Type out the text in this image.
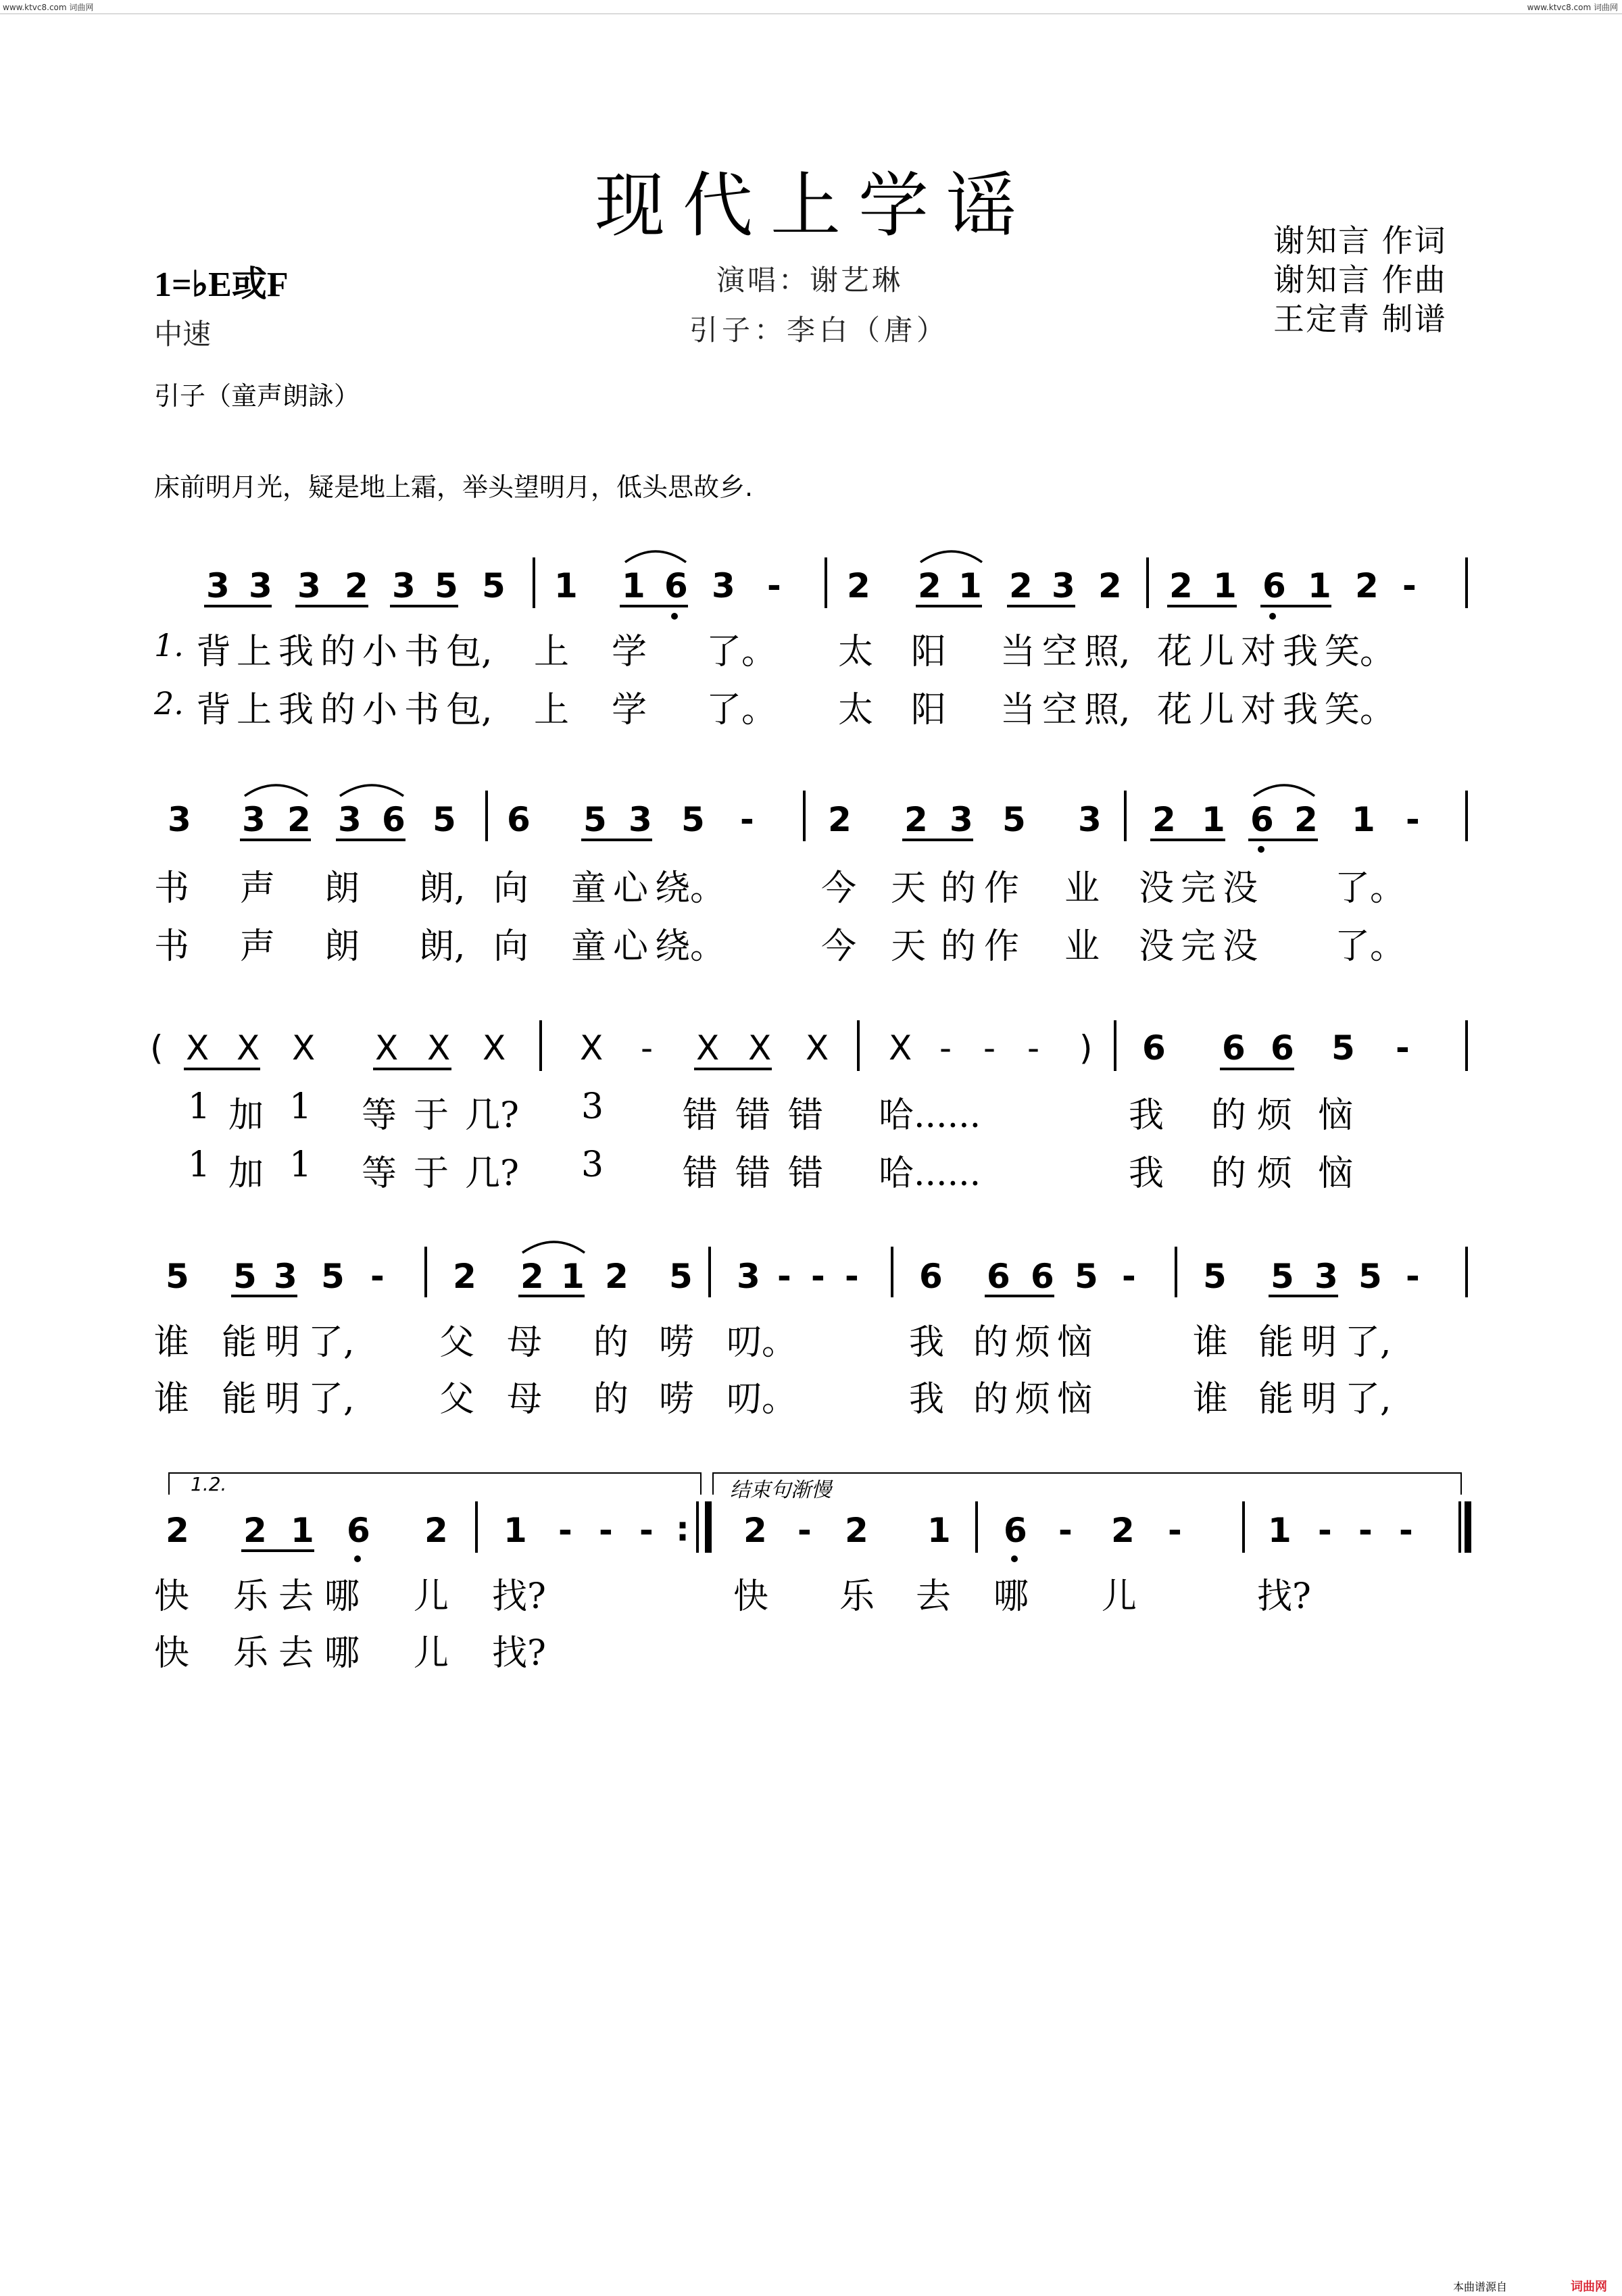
www.ktvc8.com 词曲网	www.ktvc8.com 词曲网
现代上学谣
1=♭E或F
中速
演唱：谢艺琳
引子：李白（唐）
谢知言 作词
谢知言 作曲
王定青 制谱
引子（童声朗詠）
床前明月光，疑是地上霜，举头望明月，低头思故乡.
3 3 3 2 3 5 5 1 1 6 3 - 2 2 1 2 3 2 2 1 6 1 2 -
1. 背 上 我 的 小 书 包, 上 学 了。 太 阳 当 空 照, 花 儿 对 我 笑。
2. 背 上 我 的 小 书 包, 上 学 了。 太 阳 当 空 照, 花 儿 对 我 笑。
3 3 2 3 6 5 6 5 3 5 - 2 2 3 5 3 2 1 6 2 1 -
书 声 朗 朗, 向 童 心 绕。	今 天 的 作 业 没 完 没 了。
书 声 朗 朗, 向 童 心 绕。	今 天 的 作 业 没 完 没 了。
( X X X X X X X - X X X X - - - ) 6 6 6 5 -
1 加 1 等 于 几? 3 错 错 错 哈......	我 的 烦 恼
1 加 1 等 于 几? 3 错 错 错 哈......	我 的 烦 恼
5 5 3 5 - 2 2 1 2 5 3 - - - 6 6 6 5 - 5 5 3 5 -
谁 能 明 了, 父 母 的 唠 叨。	我 的 烦 恼	谁 能 明 了,
谁 能 明 了, 父 母 的 唠 叨。	我 的 烦 恼	谁 能 明 了,
1.2.	结束句渐慢
2 2 1 6 2 1 - - - : 2 - 2 1 6 - 2 -	1 - - -
快 乐 去 哪 儿 找?	快 乐 去 哪 儿	找?
快 乐 去 哪 儿 找?
本曲谱源自	词曲网
